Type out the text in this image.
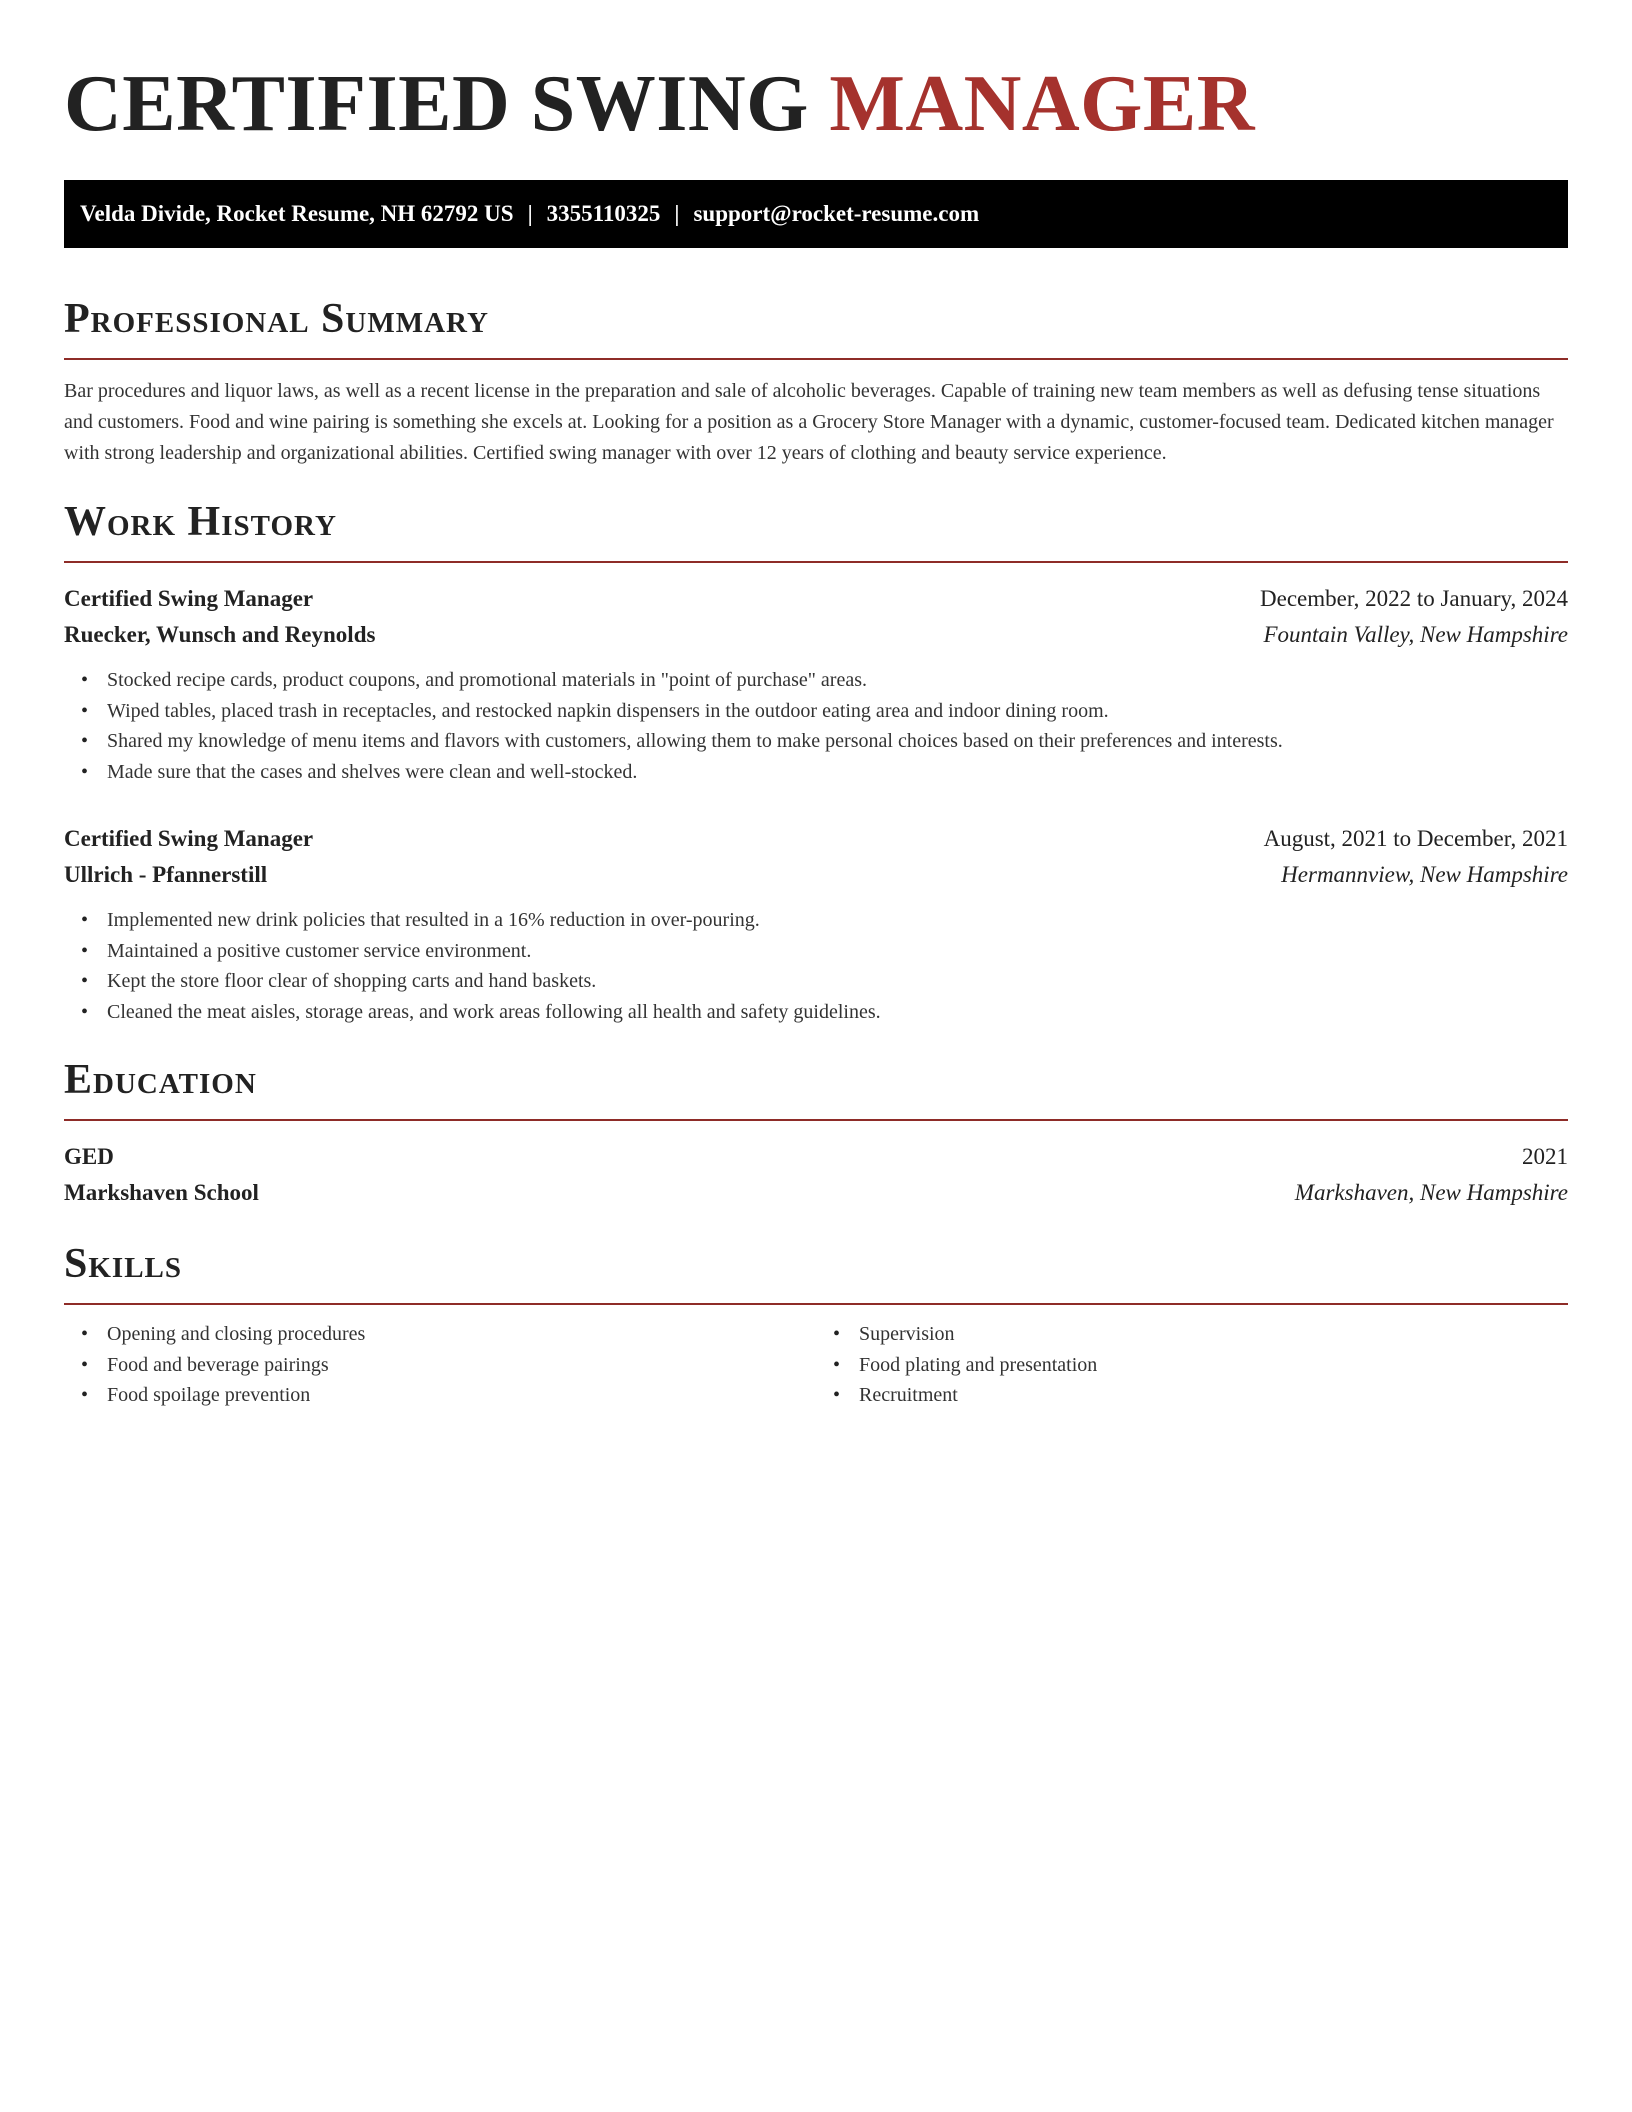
CERTIFIED SWING MANAGER
Velda Divide, Rocket Resume, NH 62792 US | 3355110325 | support@rocket-resume.com
Professional Summary

Bar procedures and liquor laws, as well as a recent license in the preparation and sale of alcoholic beverages. Capable of training new team members as well as defusing tense situations and customers. Food and wine pairing is something she excels at. Looking for a position as a Grocery Store Manager with a dynamic, customer-focused team. Dedicated kitchen manager with strong leadership and organizational abilities. Certified swing manager with over 12 years of clothing and beauty service experience.

Work History
Certified Swing Manager	December, 2022 to January, 2024
Ruecker, Wunsch and Reynolds	Fountain Valley, New Hampshire
• Stocked recipe cards, product coupons, and promotional materials in "point of purchase" areas.
• Wiped tables, placed trash in receptacles, and restocked napkin dispensers in the outdoor eating area and indoor dining room.
• Shared my knowledge of menu items and flavors with customers, allowing them to make personal choices based on their preferences and interests.
• Made sure that the cases and shelves were clean and well-stocked.
Certified Swing Manager	August, 2021 to December, 2021
Ullrich - Pfannerstill	Hermannview, New Hampshire
• Implemented new drink policies that resulted in a 16% reduction in over-pouring.
• Maintained a positive customer service environment.
• Kept the store floor clear of shopping carts and hand baskets.
• Cleaned the meat aisles, storage areas, and work areas following all health and safety guidelines.
Education
GED	2021
Markshaven School	Markshaven, New Hampshire
Skills
• Opening and closing procedures
• Food and beverage pairings
• Food spoilage prevention
• Supervision
• Food plating and presentation
• Recruitment
